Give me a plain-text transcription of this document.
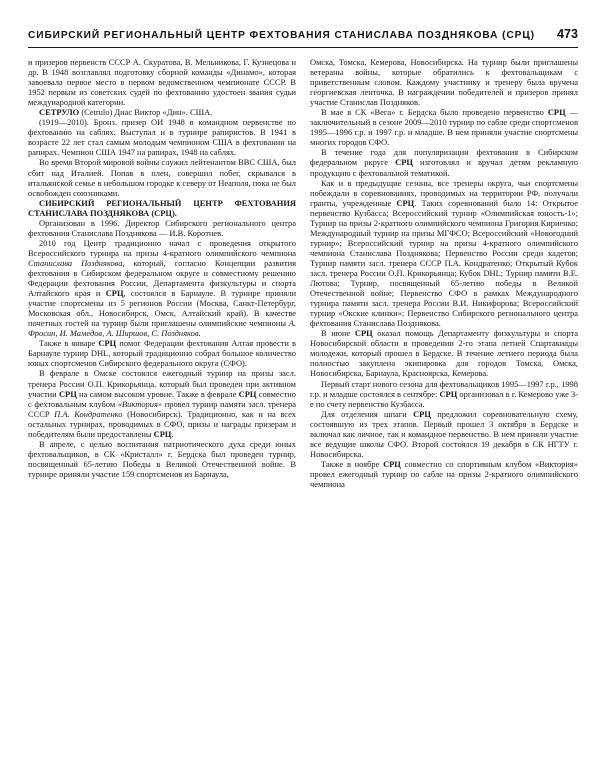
СИБИРСКИЙ РЕГИОНАЛЬНЫЙ ЦЕНТР ФЕХТОВАНИЯ СТАНИСЛАВА ПОЗДНЯКОВА (СРЦ)	473

и призеров первенств СССР А. Скуратова, В. Мельникова, Г. Кузнецова и др. В 1948 возглавлял подготовку сборной команды «Динамо», которая завоевала первое место в первом ведомственном чемпионате СССР. В 1952 первым из советских судей по фехтованию удостоен звания судьи международной категории.

СЕТРУЛО (Cetrulo) Диас Виктор «Дин». США.

(1919—2010). Бронз. призер ОИ 1948 в командном первенстве по фехтованию на саблях. Выступал и в турнире рапиристов. В 1941 в возрасте 22 лет стал самым молодым чемпионом США в фехтовании на рапирах. Чемпион США 1947 на рапирах, 1948 на саблях.

Во время Второй мировой войны служил лейтенантом ВВС США, был сбит над Италией. Попав в плен, совершил побег, скрывался в итальянской семье в небольшом городке к северу от Неаполя, пока не был освобожден союзниками.

СИБИРСКИЙ РЕГИОНАЛЬНЫЙ ЦЕНТР ФЕХТОВАНИЯ СТАНИСЛАВА ПОЗДНЯКОВА (СРЦ).

Организован в 1996. Директор Сибирского регионального центра фехтования Станислава Позднякова — И.В. Коротнев.

2010 год Центр традиционно начал с проведения открытого Всероссийского турнира на призы 4-кратного олимпийского чемпиона Станислава Позднякова, который, согласно Концепции развития фехтования в Сибирском федеральном округе и совместному решению Федерации фехтования России, Департамента физкультуры и спорта Алтайского края и СРЦ, состоялся в Барнауле. В турнире приняли участие спортсмены из 5 регионов России (Москва, Санкт-Петербург, Московская обл., Новосибирск, Омск, Алтайский край). В качестве почетных гостей на турнир были приглашены олимпийские чемпионы А. Фросин, И. Мамедов, А. Ширшов, С. Поздняков.

Также в январе СРЦ помог Федерации фехтования Алтая провести в Барнауле турнир DHL, который традиционно собрал большое количество юных спортсменов Сибирского федерального округа (СФО).

В феврале в Омске состоялся ежегодный турнир на призы засл. тренера России О.П. Крикорьянца, который был проведен при активном участии СРЦ на самом высоком уровне. Также в феврале СРЦ совместно с фехтовальным клубом «Виктория» провел турнир памяти засл. тренера СССР П.А. Кондратенко (Новосибирск). Традиционно, как и на всех остальных турнирах, проводимых в СФО, призы и награды призерам и победителям были предоставлены СРЦ.

В апреле, с целью воспитания патриотического духа среди юных фехтовальщиков, в СК «Кристалл» г. Бердска был проведен турнир, посвященный 65-летию Победы в Великой Отечественной войне. В турнире приняли участие 159 спортсменов из Барнаула,

Омска, Томска, Кемерова, Новосибирска. На турнир были приглашены ветераны войны, которые обратились к фехтовальщикам с приветственным словом. Каждому участнику и тренеру была вручена георгиевская ленточка. В награждении победителей и призеров принял участие Станислав Поздняков.

В мае в СК «Вега» г. Бердска было проведено первенство СРЦ — заключительный в сезоне 2009—2010 турнир по сабле среди спортсменов 1995—1996 г.р. и 1997 г.р. и младше. В нем приняли участие спортсмены многих городов СФО.

В течение года для популяризации фехтования в Сибирском федеральном ркруге СРЦ изготовлял и вручал детям рекламную продукцию с фехтовальной тематикой.

Как и в предыдущие сезоны, все тренеры округа, чьи спортсмены побеждали в соревнованиях, проводимых на территории РФ, получали гранты, учрежденные СРЦ. Таких соревнований было 14: Открытое первенство Кузбасса; Всероссийский турнир «Олимпийская юность-1»; Турнир на призы 2-кратного олимпийского чемпиона Григория Кириенко; Международный турнир на призы МГФСО; Всероссийский «Новогодний турнир»; Всероссийский турнир на призы 4-кратного олимпийского чемпиона Станислава Позднякова; Первенство России среди кадетов; Турнир памяти засл. тренера СССР П.А. Кондратенко; Открытый Кубок засл. тренера России О.П. Крикорьянца; Кубок DHL; Турнир памяти В.Е. Лютова; Турнир, посвященный 65-летию победы в Великой Отечественной войне; Первенство СФО в рамках Международного турнира памяти засл. тренера России В.И. Никифорова; Всероссийский турнир «Окские клинки»; Первенство Сибирского регионального центра фехтования Станислава Позднякова.

В июне СРЦ оказал помощь Департаменту физкультуры и спорта Новосибирской области в проведении 2-го этапа летней Спартакиады молодежи, который прошел в Бердске. В течение летнего периода была полностью закуплена экипировка для городов Томска, Омска, Новосибирска, Барнаула, Красноярска, Кемерова.

Первый старт нового сезона для фехтовальщиков 1995—1997 г.р., 1998 г.р. и младше состоялся в сентябре: СРЦ организовал в г. Кемерово уже 3-е по счету первенство Кузбасса.

Для отделения шпаги СРЦ предложил соревновательную схему, состоявшую из трех этапов. Первый прошел 3 октября в Бердске и включал как личное, так и командное первенство. В нем приняли участие все ведущие школы СФО. Второй состоялся 19 декабря в СК НГТУ г. Новосибирска.

Также в ноябре СРЦ совместно со спортивным клубом «Виктория» провел ежегодный турнир по сабле на призы 2-кратного олимпийского чемпиона
